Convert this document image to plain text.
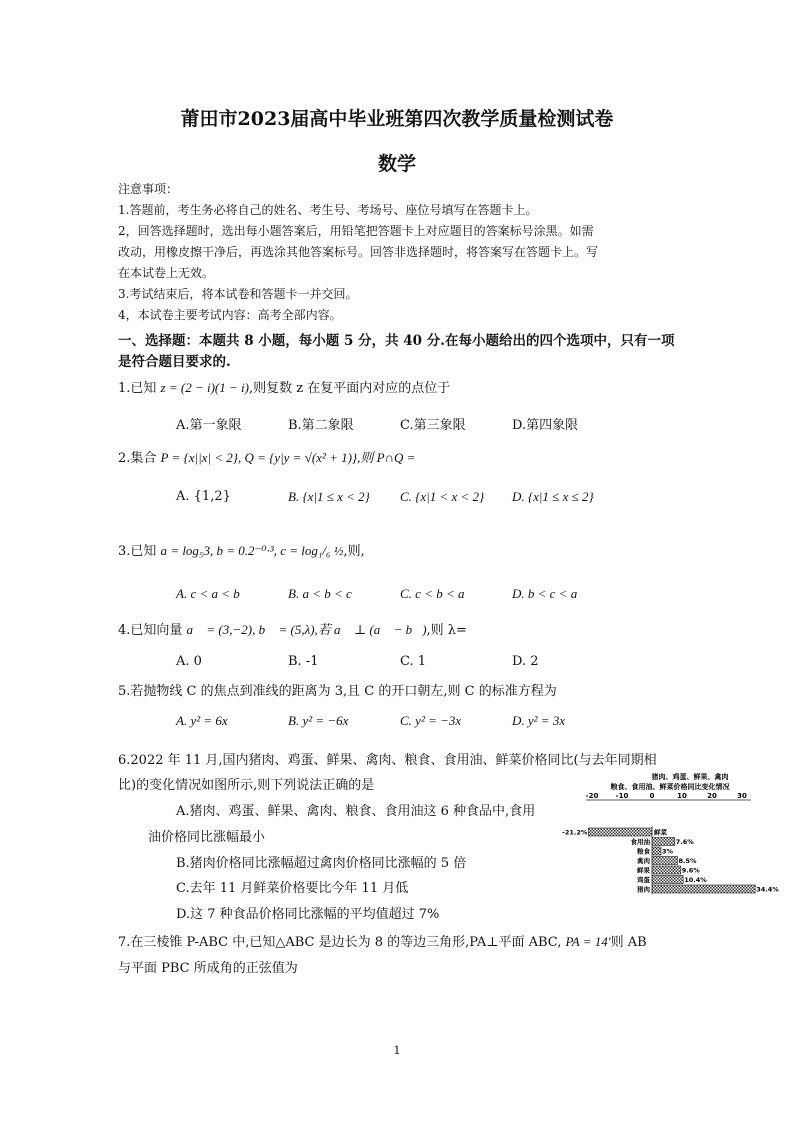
莆田市2023届高中毕业班第四次教学质量检测试卷
数学
注意事项：
1.答题前，考生务必将自己的姓名、考生号、考场号、座位号填写在答题卡上。
2，回答选择题时，选出每小题答案后，用铅笔把答题卡上对应题目的答案标号涂黑。如需
改动，用橡皮擦干净后，再选涂其他答案标号。回答非选择题时，将答案写在答题卡上。写
在本试卷上无效。
3.考试结束后，将本试卷和答题卡一并交回。
4，本试卷主要考试内容：高考全部内容。
一、选择题：本题共 8 小题，每小题 5 分，共 40 分.在每小题给出的四个选项中，只有一项
是符合题目要求的.
1.已知 z = (2 − i)(1 − i),则复数 z 在复平面内对应的点位于
A.第一象限	B.第二象限	C.第三象限	D.第四象限
2.集合 P = {x||x| < 2}, Q = {y|y = √(x² + 1)},则 P∩Q =
A. {1,2}	B. {x|1 ≤ x < 2} C. {x|1 < x < 2} D. {x|1 ≤ x ≤ 2}
3.已知 a = log₅3, b = 0.2⁻⁰·³, c = log₁/₆ ½,则,
A. c < a < b	B. a < b < c	C. c < b < a	D. b < c < a
4.已知向量 a⃗ = (3,−2), b⃗ = (5,λ),若 a⃗ ⊥ (a⃗ − b⃗),则 λ=
A. 0	B. -1	C. 1	D. 2
5.若抛物线 C 的焦点到准线的距离为 3,且 C 的开口朝左,则 C 的标准方程为
A. y² = 6x	B. y² = −6x	C. y² = −3x	D. y² = 3x
6.2022 年 11 月,国内猪肉、鸡蛋、鲜果、禽肉、粮食、食用油、鲜菜价格同比(与去年同期相
比)的变化情况如图所示,则下列说法正确的是
A.猪肉、鸡蛋、鲜果、禽肉、粮食、食用油这 6 种食品中,食用
油价格同比涨幅最小
B.猪肉价格同比涨幅超过禽肉价格同比涨幅的 5 倍
C.去年 11 月鲜菜价格要比今年 11 月低
D.这 7 种食品价格同比涨幅的平均值超过 7%
猪肉、鸡蛋、鲜果、禽肉
粮食、食用油、鲜菜价格同比变化情况
-20 -10	0	10	20	30
鲜菜
-21.2%
食用油	7.6%
粮食 3%
禽肉	8.5%
鲜果	9.6%
鸡蛋	10.4%
猪肉	34.4%
7.在三棱锥 P-ABC 中,已知△ABC 是边长为 8 的等边三角形,PA⊥平面 ABC, PA = 14'则 AB
与平面 PBC 所成角的正弦值为
1
